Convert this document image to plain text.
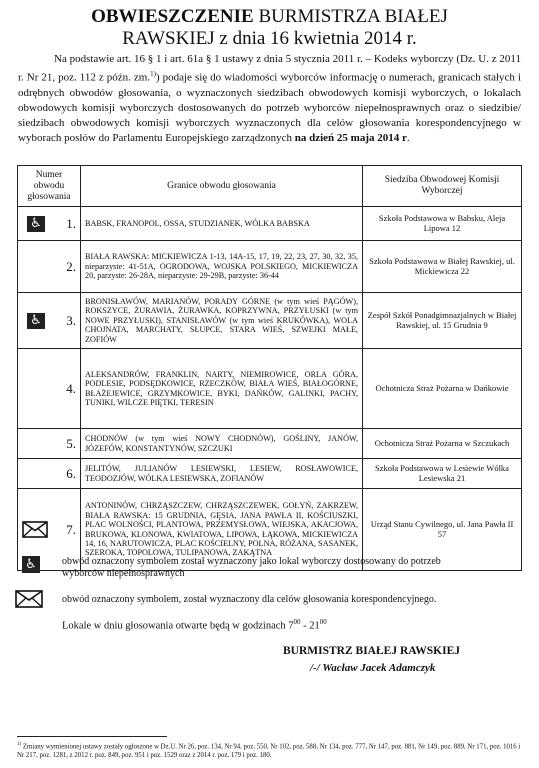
OBWIESZCZENIE BURMISTRZA BIAŁEJ
RAWSKIEJ z dnia 16 kwietnia 2014 r.
Na podstawie art. 16 § 1 i art. 61a § 1 ustawy z dnia 5 stycznia 2011 r. – Kodeks wyborczy (Dz. U. z 2011 r. Nr 21, poz. 112 z późn. zm.$^{1)}$) podaje się do wiadomości wyborców informację o numerach, granicach stałych i odrębnych obwodów głosowania, o wyznaczonych siedzibach obwodowych komisji wyborczych, o lokalach obwodowych komisji wyborczych dostosowanych do potrzeb wyborców niepełnosprawnych oraz o siedzibie/ siedzibach obwodowych komisji wyborczych wyznaczonych dla celów głosowania korespondencyjnego w wyborach posłów do Parlamentu Europejskiego zarządzonych na dzień 25 maja 2014 r.
Numer obwodu głosowania	Granice obwodu głosowania	Siedziba Obwodowej Komisji Wyborczej

♿ 1.	BABSK, FRANOPOL, OSSA, STUDZIANEK, WÓLKA BABSKA	Szkoła Podstawowa w Babsku, Aleja Lipowa 12
2.	BIAŁA RAWSKA: MICKIEWICZA 1-13, 14A-15, 17, 19, 22, 23, 27, 30, 32, 35, nieparzyste: 41-51A, OGRODOWA, WOJSKA POLSKIEGO, MICKIEWICZA 20, parzyste: 26-28A, nieparzyste: 29-29B, parzyste: 36-44	Szkoła Podstawowa w Białej Rawskiej, ul. Mickiewicza 22

♿ 3.	BRONISŁAWÓW, MARIANÓW, PORADY GÓRNE (w tym wieś PĄGÓW), ROKSZYCE, ŻURAWIA, ŻURAWKA, KOPRZYWNA, PRZYŁUSKI (w tym NOWE PRZYŁUSKI), STANISŁAWÓW (w tym wieś KRUKÓWKA), WOLA CHOJNATA, MARCHATY, SŁUPCE, STARA WIEŚ, SZWEJKI MAŁE, ZOFIÓW	Zespół Szkół Ponadgimnazjalnych w Białej Rawskiej, ul. 15 Grudnia 9
4.	ALEKSANDRÓW, FRANKLIN, NARTY, NIEMIROWICE, ORLA GÓRA, PODLESIE, PODSĘDKOWICE, RZECZKÓW, BIAŁA WIEŚ, BIAŁOGÓRNE, BŁAŻEJEWICE, GRZYMKOWICE, BYKI, DAŃKÓW, GALINKI, PACHY, TUNIKI, WILCZE PIĘTKI, TERESIN	Ochotnicza Straż Pożarna w Dańkowie
5.	CHODNÓW (w tym wieś NOWY CHODNÓW), GOŚLINY, JANÓW, JÓZEFÓW, KONSTANTYNÓW, SZCZUKI	Ochotnicza Straż Pożarna w Szczukach
6.	JELITÓW, JULIANÓW LESIEWSKI, LESIEW, ROSŁAWOWICE, TEODOZJÓW, WÓLKA LESIEWSKA, ZOFIANÓW	Szkoła Podstawowa w Lesiewie Wólka Lesiewska 21

7.	ANTONINÓW, CHRZĄSZCZEW, CHRZĄSZCZEWEK, GOŁYŃ, ZAKRZEW, BIAŁA RAWSKA: 15 GRUDNIA, GĘSIA, JANA PAWŁA II, KOŚCIUSZKI, PLAC WOLNOŚCI, PLANTOWA, PRZEMYSŁOWA, WIEJSKA, AKACJOWA, BRUKOWA, KLONOWA, KWIATOWA, LIPOWA, ŁĄKOWA, MICKIEWICZA 14, 16, NARUTOWICZA, PLAC KOŚCIELNY, POLNA, RÓŻANA, SASANEK, SZEROKA, TOPOLOWA, TULIPANOWA, ZAKĄTNA	Urząd Stanu Cywilnego, ul. Jana Pawła II 57
♿	obwód oznaczony symbolem został wyznaczony jako lokal wyborczy dostosowany do potrzeb wyborców niepełnosprawnych
obwód oznaczony symbolem, został wyznaczony dla celów głosowania korespondencyjnego.
Lokale w dniu głosowania otwarte będą w godzinach $7^{00} - 21^{00}$
BURMISTRZ BIAŁEJ RAWSKIEJ
/-/ Wacław Jacek Adamczyk
$^{1)}$ Zmiany wymienionej ustawy zostały ogłoszone w Dz.U. Nr 26, poz. 134, Nr 94, poz. 550, Nr 102, poz. 588, Nr 134, poz. 777, Nr 147, poz. 881, Nr 149, poz. 889, Nr 171, poz. 1016 i Nr 217, poz. 1281, z 2012 r. poz. 849, poz. 951 i poz. 1529 oraz z 2014 r. poz. 179 i poz. 180.
